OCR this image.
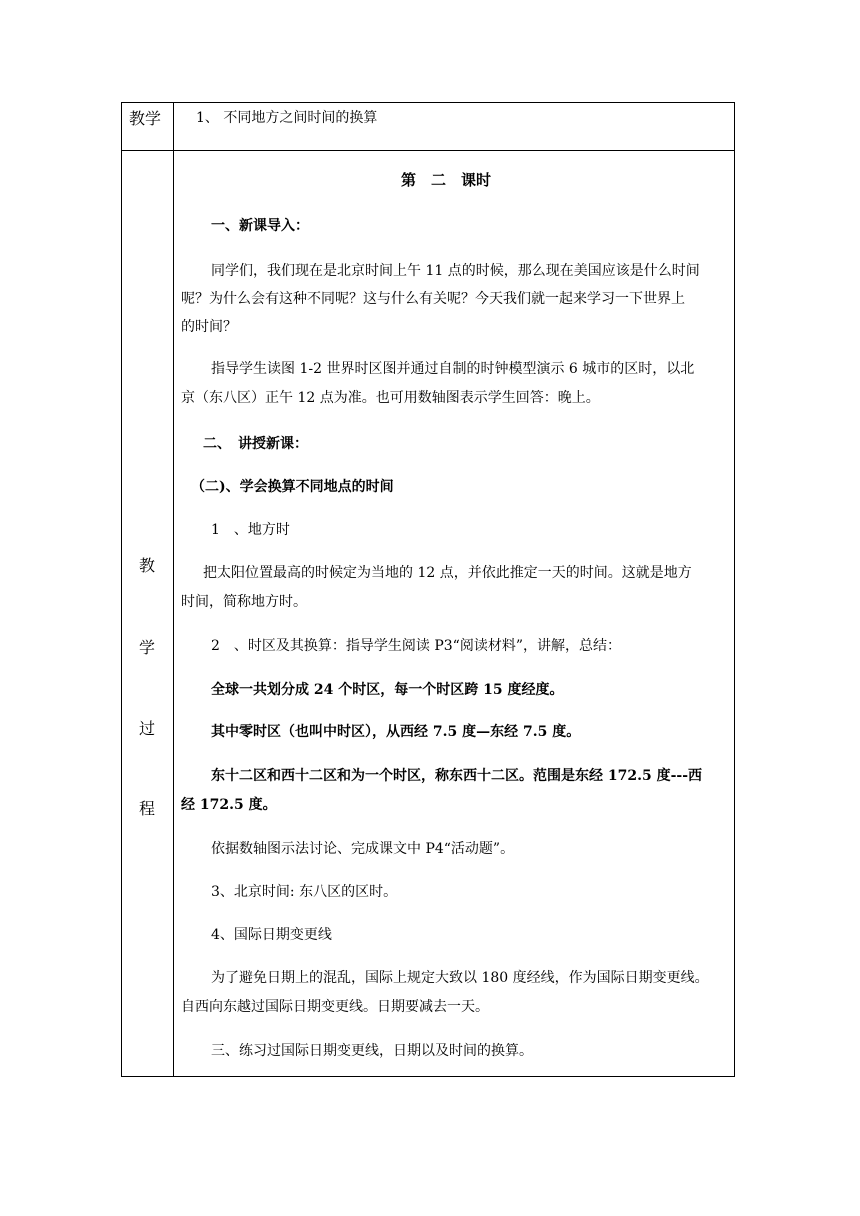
教学 1、 不同地方之间时间的换算
教
学
过
程
第　二　课时
一、新课导入：
同学们，我们现在是北京时间上午 11 点的时候，那么现在美国应该是什么时间
呢？为什么会有这种不同呢？这与什么有关呢？今天我们就一起来学习一下世界上
的时间？
指导学生读图 1-2 世界时区图并通过自制的时钟模型演示 6 城市的区时，以北
京（东八区）正午 12 点为准。也可用数轴图表示学生回答：晚上。
二、　讲授新课：
（二)、学会换算不同地点的时间
1　、地方时
把太阳位置最高的时候定为当地的 12 点，并依此推定一天的时间。这就是地方
时间，简称地方时。
2　、时区及其换算：指导学生阅读 P3“阅读材料”，讲解，总结：
全球一共划分成 24 个时区，每一个时区跨 15 度经度。
其中零时区（也叫中时区），从西经 7.5 度—东经 7.5 度。
东十二区和西十二区和为一个时区，称东西十二区。范围是东经 172.5 度---西
经 172.5 度。
依据数轴图示法讨论、完成课文中 P4“活动题”。
3、北京时间: 东八区的区时。
4、国际日期变更线
为了避免日期上的混乱，国际上规定大致以 180 度经线，作为国际日期变更线。
自西向东越过国际日期变更线。日期要减去一天。
三、练习过国际日期变更线，日期以及时间的换算。
